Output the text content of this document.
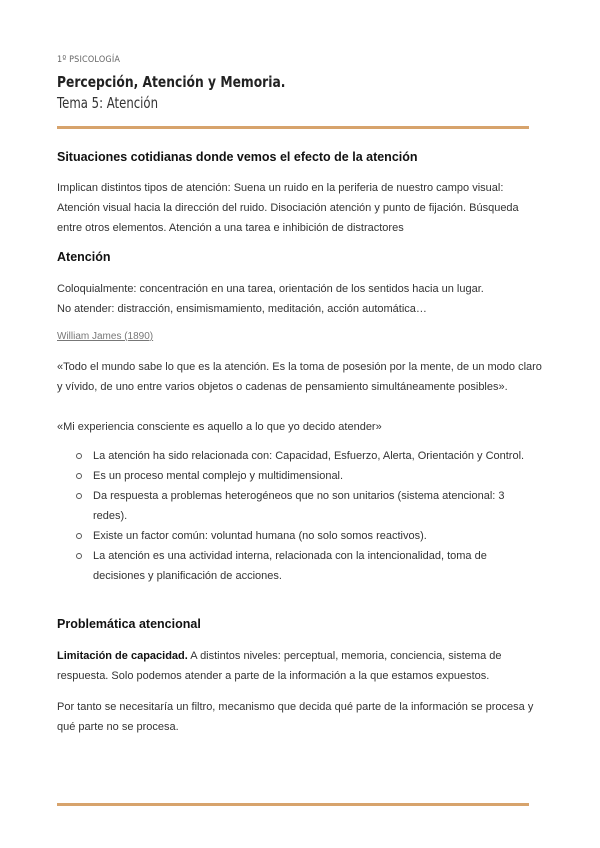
1º PSICOLOGÍA
Percepción, Atención y Memoria.
Tema 5: Atención
Situaciones cotidianas donde vemos el efecto de la atención
Implican distintos tipos de atención: Suena un ruido en la periferia de nuestro campo visual: Atención visual hacia la dirección del ruido. Disociación atención y punto de fijación. Búsqueda entre otros elementos. Atención a una tarea e inhibición de distractores
Atención
Coloquialmente: concentración en una tarea, orientación de los sentidos hacia un lugar.
No atender: distracción, ensimismamiento, meditación, acción automática…
William James (1890)
«Todo el mundo sabe lo que es la atención. Es la toma de posesión por la mente, de un modo claro y vívido, de uno entre varios objetos o cadenas de pensamiento simultáneamente posibles».
«Mi experiencia consciente es aquello a lo que yo decido atender»
La atención ha sido relacionada con: Capacidad, Esfuerzo, Alerta, Orientación y Control.
Es un proceso mental complejo y multidimensional.
Da respuesta a problemas heterogéneos que no son unitarios (sistema atencional: 3 redes).
Existe un factor común: voluntad humana (no solo somos reactivos).
La atención es una actividad interna, relacionada con la intencionalidad, toma de decisiones y planificación de acciones.
Problemática atencional
Limitación de capacidad. A distintos niveles: perceptual, memoria, conciencia, sistema de respuesta. Solo podemos atender a parte de la información a la que estamos expuestos.
Por tanto se necesitaría un filtro, mecanismo que decida qué parte de la información se procesa y qué parte no se procesa.
